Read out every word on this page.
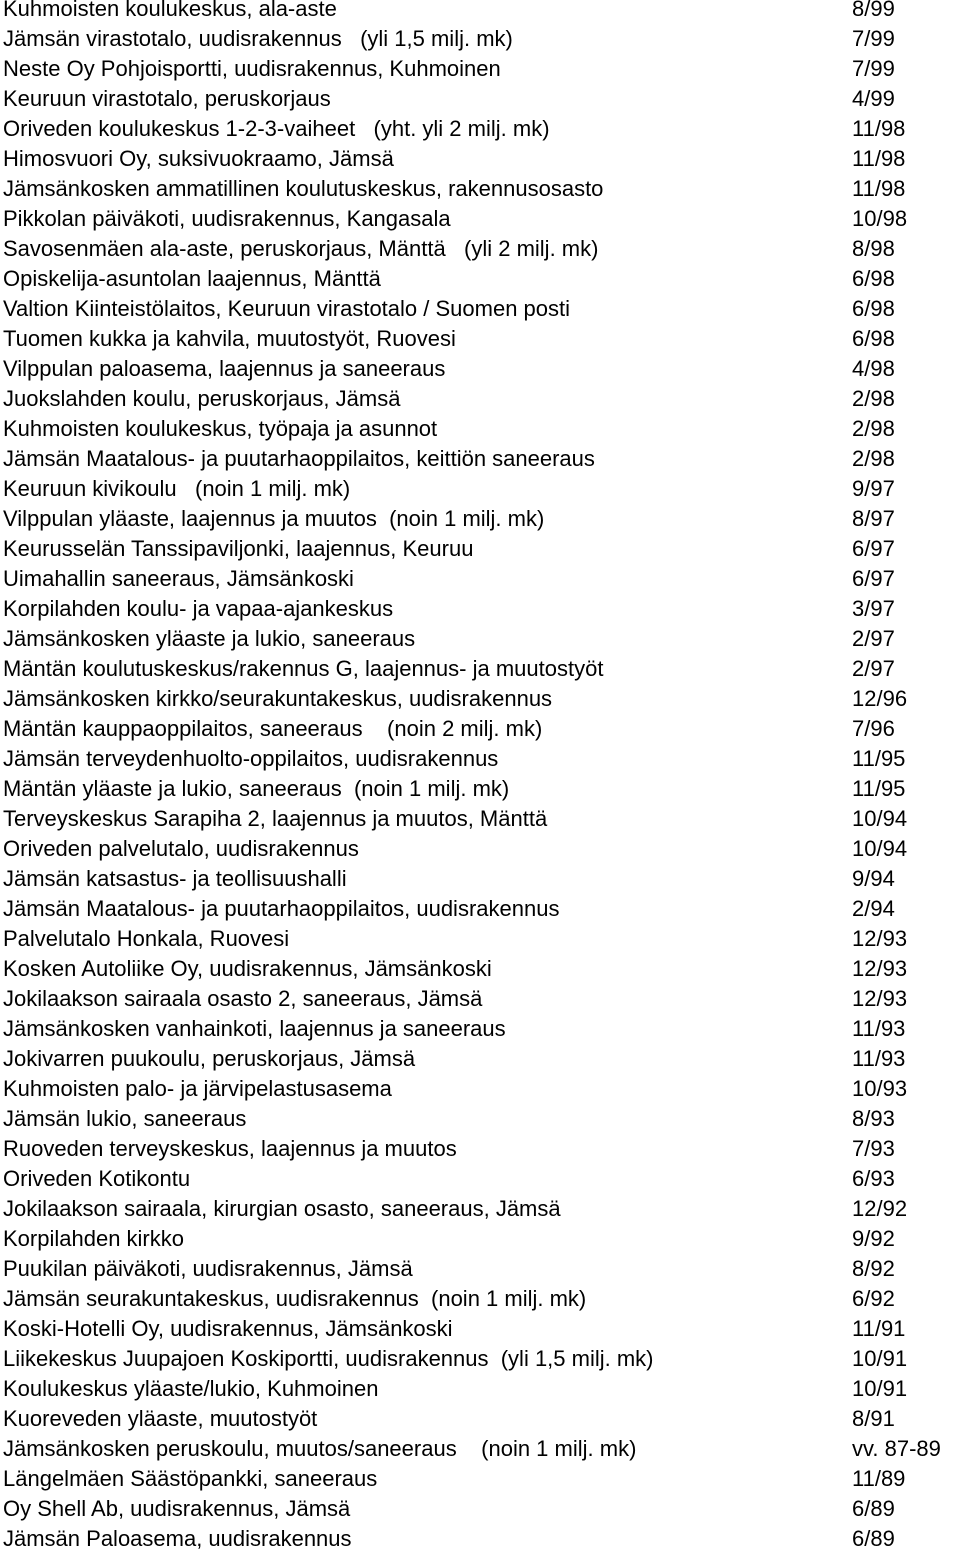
Kuhmoisten koulukeskus, ala-aste	8/99
Jämsän virastotalo, uudisrakennus   (yli 1,5 milj. mk)	7/99
Neste Oy Pohjoisportti, uudisrakennus, Kuhmoinen	7/99
Keuruun virastotalo, peruskorjaus	4/99
Oriveden koulukeskus 1-2-3-vaiheet   (yht. yli 2 milj. mk)	11/98
Himosvuori Oy, suksivuokraamo, Jämsä	11/98
Jämsänkosken ammatillinen koulutuskeskus, rakennusosasto	11/98
Pikkolan päiväkoti, uudisrakennus, Kangasala	10/98
Savosenmäen ala-aste, peruskorjaus, Mänttä   (yli 2 milj. mk)	8/98
Opiskelija-asuntolan laajennus, Mänttä	6/98
Valtion Kiinteistölaitos, Keuruun virastotalo / Suomen posti	6/98
Tuomen kukka ja kahvila, muutostyöt, Ruovesi	6/98
Vilppulan paloasema, laajennus ja saneeraus	4/98
Juokslahden koulu, peruskorjaus, Jämsä	2/98
Kuhmoisten koulukeskus, työpaja ja asunnot	2/98
Jämsän Maatalous- ja puutarhaoppilaitos, keittiön saneeraus	2/98
Keuruun kivikoulu   (noin 1 milj. mk)	9/97
Vilppulan yläaste, laajennus ja muutos  (noin 1 milj. mk)	8/97
Keurusselän Tanssipaviljonki, laajennus, Keuruu	6/97
Uimahallin saneeraus, Jämsänkoski	6/97
Korpilahden koulu- ja vapaa-ajankeskus	3/97
Jämsänkosken yläaste ja lukio, saneeraus	2/97
Mäntän koulutuskeskus/rakennus G, laajennus- ja muutostyöt	2/97
Jämsänkosken kirkko/seurakuntakeskus, uudisrakennus	12/96
Mäntän kauppaoppilaitos, saneeraus    (noin 2 milj. mk)	7/96
Jämsän terveydenhuolto-oppilaitos, uudisrakennus	11/95
Mäntän yläaste ja lukio, saneeraus  (noin 1 milj. mk)	11/95
Terveyskeskus Sarapiha 2, laajennus ja muutos, Mänttä	10/94
Oriveden palvelutalo, uudisrakennus	10/94
Jämsän katsastus- ja teollisuushalli	9/94
Jämsän Maatalous- ja puutarhaoppilaitos, uudisrakennus	2/94
Palvelutalo Honkala, Ruovesi	12/93
Kosken Autoliike Oy, uudisrakennus, Jämsänkoski	12/93
Jokilaakson sairaala osasto 2, saneeraus, Jämsä	12/93
Jämsänkosken vanhainkoti, laajennus ja saneeraus	11/93
Jokivarren puukoulu, peruskorjaus, Jämsä	11/93
Kuhmoisten palo- ja järvipelastusasema	10/93
Jämsän lukio, saneeraus	8/93
Ruoveden terveyskeskus, laajennus ja muutos	7/93
Oriveden Kotikontu	6/93
Jokilaakson sairaala, kirurgian osasto, saneeraus, Jämsä	12/92
Korpilahden kirkko	9/92
Puukilan päiväkoti, uudisrakennus, Jämsä	8/92
Jämsän seurakuntakeskus, uudisrakennus  (noin 1 milj. mk)	6/92
Koski-Hotelli Oy, uudisrakennus, Jämsänkoski	11/91
Liikekeskus Juupajoen Koskiportti, uudisrakennus  (yli 1,5 milj. mk)	10/91
Koulukeskus yläaste/lukio, Kuhmoinen	10/91
Kuoreveden yläaste, muutostyöt	8/91
Jämsänkosken peruskoulu, muutos/saneeraus    (noin 1 milj. mk)	vv. 87-89
Längelmäen Säästöpankki, saneeraus	11/89
Oy Shell Ab, uudisrakennus, Jämsä	6/89
Jämsän Paloasema, uudisrakennus	6/89
